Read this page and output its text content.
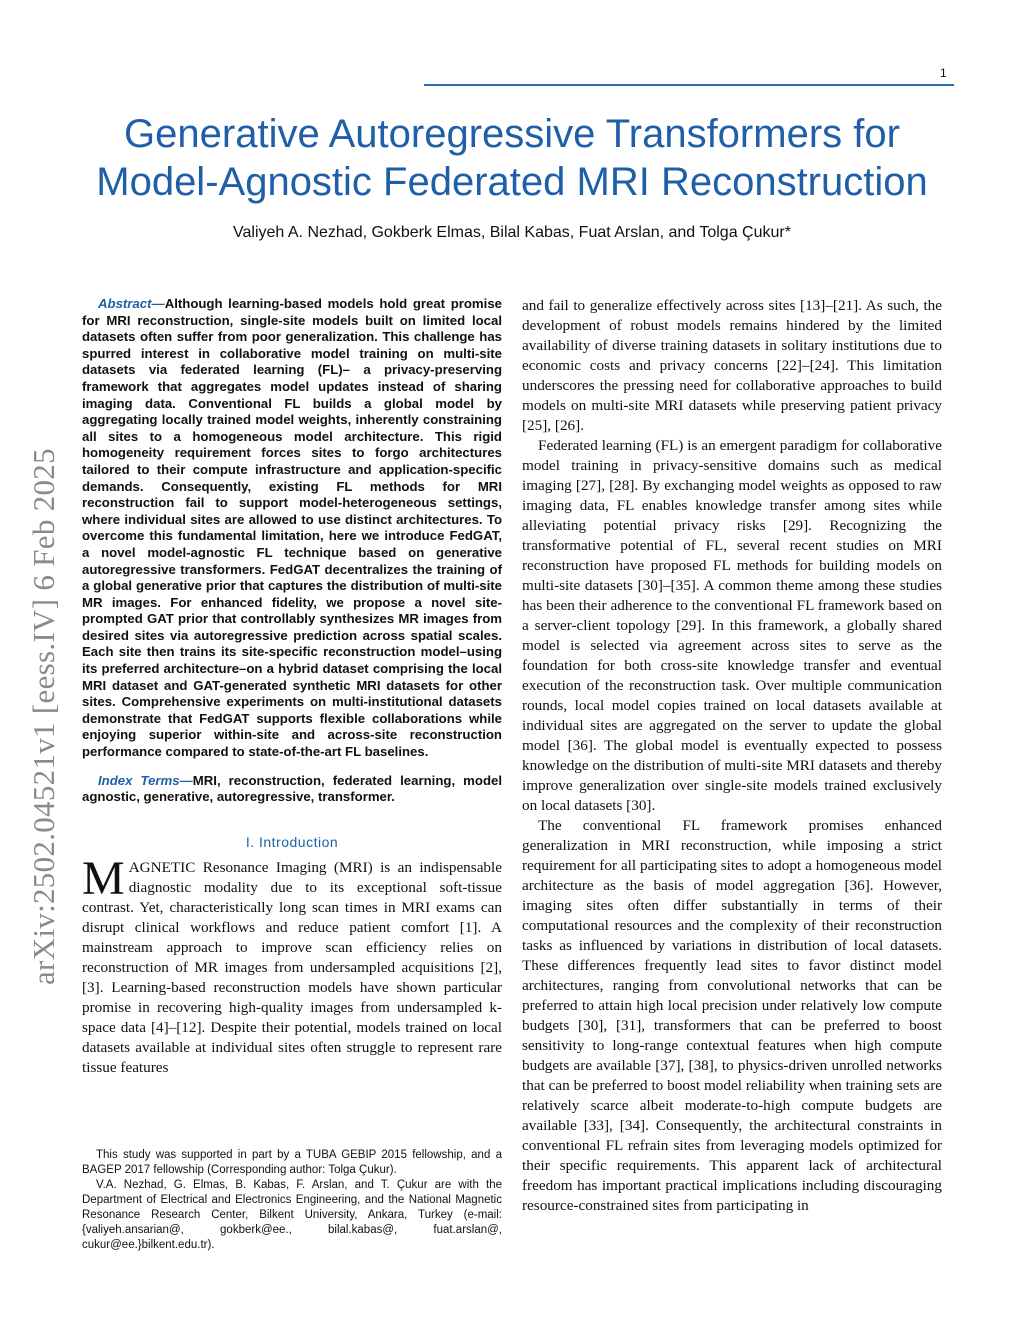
1
arXiv:2502.04521v1 [eess.IV] 6 Feb 2025
Generative Autoregressive Transformers for
Model-Agnostic Federated MRI Reconstruction
Valiyeh A. Nezhad, Gokberk Elmas, Bilal Kabas, Fuat Arslan, and Tolga Çukur*

Abstract—Although learning-based models hold great promise for MRI reconstruction, single-site models built on limited local datasets often suffer from poor generalization. This challenge has spurred interest in collaborative model training on multi-site datasets via federated learning (FL)– a privacy-preserving framework that aggregates model updates instead of sharing imaging data. Conventional FL builds a global model by aggregating locally trained model weights, inherently constraining all sites to a homogeneous model architecture. This rigid homogeneity requirement forces sites to forgo architectures tailored to their compute infrastructure and application-specific demands. Consequently, existing FL methods for MRI reconstruction fail to support model-heterogeneous settings, where individual sites are allowed to use distinct architectures. To overcome this fundamental limitation, here we introduce FedGAT, a novel model-agnostic FL technique based on generative autoregressive transformers. FedGAT decentralizes the training of a global generative prior that captures the distribution of multi-site MR images. For enhanced fidelity, we propose a novel site-prompted GAT prior that controllably synthesizes MR images from desired sites via autoregressive prediction across spatial scales. Each site then trains its site-specific reconstruction model–using its preferred architecture–on a hybrid dataset comprising the local MRI dataset and GAT-generated synthetic MRI datasets for other sites. Comprehensive experiments on multi-institutional datasets demonstrate that FedGAT supports flexible collaborations while enjoying superior within-site and across-site reconstruction performance compared to state-of-the-art FL baselines.

Index Terms—MRI, reconstruction, federated learning, model agnostic, generative, autoregressive, transformer.

I. Introduction

MAGNETIC Resonance Imaging (MRI) is an indispensable diagnostic modality due to its exceptional soft-tissue contrast. Yet, characteristically long scan times in MRI exams can disrupt clinical workflows and reduce patient comfort [1]. A mainstream approach to improve scan efficiency relies on reconstruction of MR images from undersampled acquisitions [2], [3]. Learning-based reconstruction models have shown particular promise in recovering high-quality images from undersampled k-space data [4]–[12]. Despite their potential, models trained on local datasets available at individual sites often struggle to represent rare tissue features

This study was supported in part by a TUBA GEBIP 2015 fellowship, and a BAGEP 2017 fellowship (Corresponding author: Tolga Çukur).

V.A. Nezhad, G. Elmas, B. Kabas, F. Arslan, and T. Çukur are with the Department of Electrical and Electronics Engineering, and the National Magnetic Resonance Research Center, Bilkent University, Ankara, Turkey (e-mail: {valiyeh.ansarian@, gokberk@ee., bilal.kabas@, fuat.arslan@, cukur@ee.}bilkent.edu.tr).

and fail to generalize effectively across sites [13]–[21]. As such, the development of robust models remains hindered by the limited availability of diverse training datasets in solitary institutions due to economic costs and privacy concerns [22]–[24]. This limitation underscores the pressing need for collaborative approaches to build models on multi-site MRI datasets while preserving patient privacy [25], [26].

Federated learning (FL) is an emergent paradigm for collaborative model training in privacy-sensitive domains such as medical imaging [27], [28]. By exchanging model weights as opposed to raw imaging data, FL enables knowledge transfer among sites while alleviating potential privacy risks [29]. Recognizing the transformative potential of FL, several recent studies on MRI reconstruction have proposed FL methods for building models on multi-site datasets [30]–[35]. A common theme among these studies has been their adherence to the conventional FL framework based on a server-client topology [29]. In this framework, a globally shared model is selected via agreement across sites to serve as the foundation for both cross-site knowledge transfer and eventual execution of the reconstruction task. Over multiple communication rounds, local model copies trained on local datasets available at individual sites are aggregated on the server to update the global model [36]. The global model is eventually expected to possess knowledge on the distribution of multi-site MRI datasets and thereby improve generalization over single-site models trained exclusively on local datasets [30].

The conventional FL framework promises enhanced generalization in MRI reconstruction, while imposing a strict requirement for all participating sites to adopt a homogeneous model architecture as the basis of model aggregation [36]. However, imaging sites often differ substantially in terms of their computational resources and the complexity of their reconstruction tasks as influenced by variations in distribution of local datasets. These differences frequently lead sites to favor distinct model architectures, ranging from convolutional networks that can be preferred to attain high local precision under relatively low compute budgets [30], [31], transformers that can be preferred to boost sensitivity to long-range contextual features when high compute budgets are available [37], [38], to physics-driven unrolled networks that can be preferred to boost model reliability when training sets are relatively scarce albeit moderate-to-high compute budgets are available [33], [34]. Consequently, the architectural constraints in conventional FL refrain sites from leveraging models optimized for their specific requirements. This apparent lack of architectural freedom has important practical implications including discouraging resource-constrained sites from participating in
